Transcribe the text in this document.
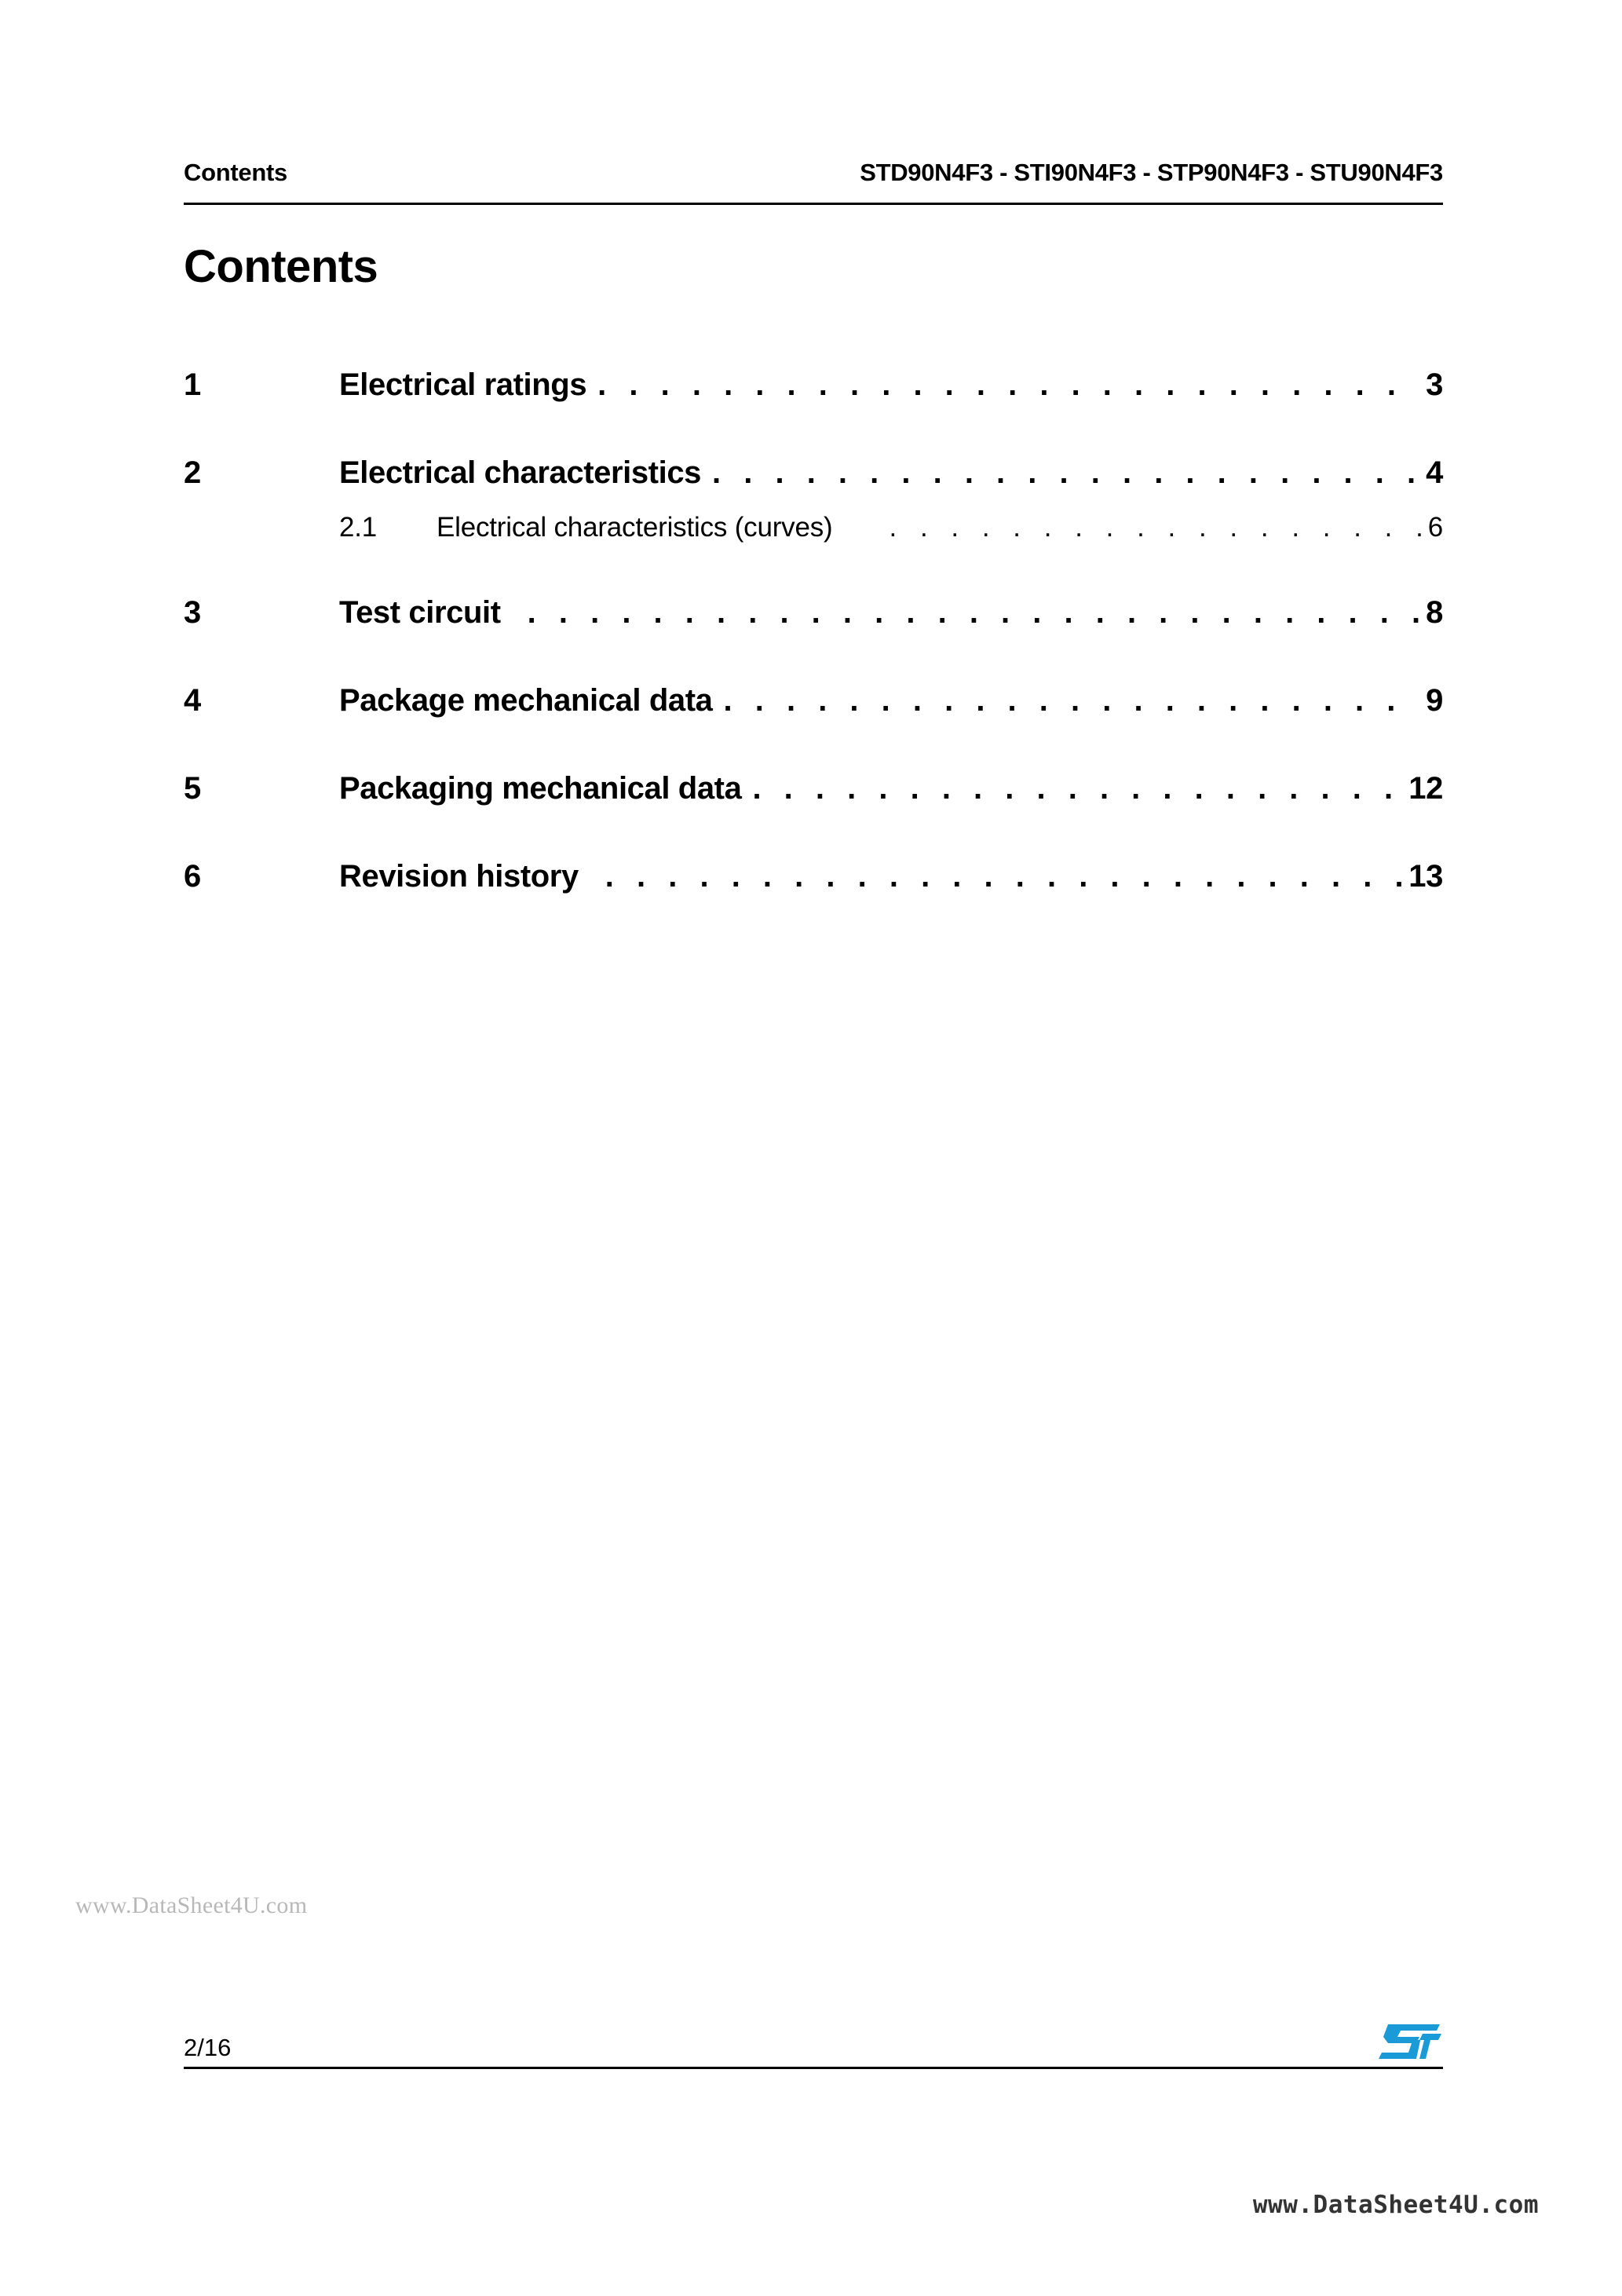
Contents	STD90N4F3 - STI90N4F3 - STP90N4F3 - STU90N4F3
Contents
1	Electrical ratings . . .	3
2	Electrical characteristics . . .	4
2.1	Electrical characteristics (curves) . . .	6
3	Test circuit . . .	8
4	Package mechanical data . . .	9
5	Packaging mechanical data . . .	12
6	Revision history . . .	13
www.DataSheet4U.com
2/16
www.DataSheet4U.com
